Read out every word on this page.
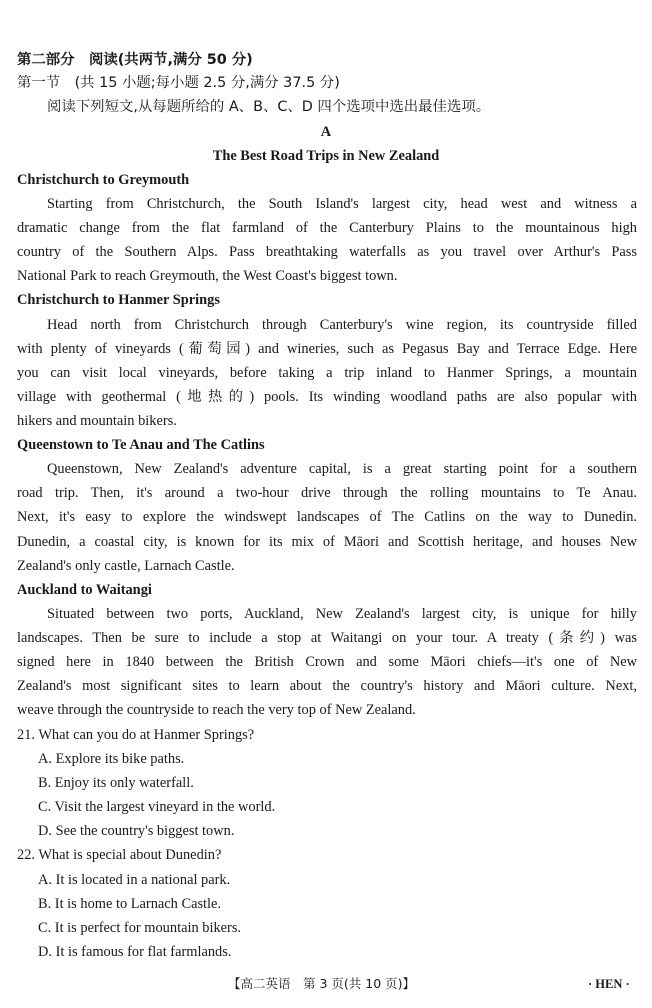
第二部分　阅读(共两节,满分 50 分)
第一节　(共 15 小题;每小题 2.5 分,满分 37.5 分)
阅读下列短文,从每题所给的 A、B、C、D 四个选项中选出最佳选项。
A
The Best Road Trips in New Zealand
Christchurch to Greymouth
Starting from Christchurch, the South Island's largest city, head west and witness a
dramatic change from the flat farmland of the Canterbury Plains to the mountainous high
country of the Southern Alps. Pass breathtaking waterfalls as you travel over Arthur's Pass
National Park to reach Greymouth, the West Coast's biggest town.
Christchurch to Hanmer Springs
Head north from Christchurch through Canterbury's wine region, its countryside filled
with plenty of vineyards (葡萄园) and wineries, such as Pegasus Bay and Terrace Edge. Here
you can visit local vineyards, before taking a trip inland to Hanmer Springs, a mountain
village with geothermal (地热的) pools. Its winding woodland paths are also popular with
hikers and mountain bikers.
Queenstown to Te Anau and The Catlins
Queenstown, New Zealand's adventure capital, is a great starting point for a southern
road trip. Then, it's around a two-hour drive through the rolling mountains to Te Anau.
Next, it's easy to explore the windswept landscapes of The Catlins on the way to Dunedin.
Dunedin, a coastal city, is known for its mix of Māori and Scottish heritage, and houses New
Zealand's only castle, Larnach Castle.
Auckland to Waitangi
Situated between two ports, Auckland, New Zealand's largest city, is unique for hilly
landscapes. Then be sure to include a stop at Waitangi on your tour. A treaty (条约) was
signed here in 1840 between the British Crown and some Māori chiefs—it's one of New
Zealand's most significant sites to learn about the country's history and Māori culture. Next,
weave through the countryside to reach the very top of New Zealand.
21. What can you do at Hanmer Springs?
A. Explore its bike paths.
B. Enjoy its only waterfall.
C. Visit the largest vineyard in the world.
D. See the country's biggest town.
22. What is special about Dunedin?
A. It is located in a national park.
B. It is home to Larnach Castle.
C. It is perfect for mountain bikers.
D. It is famous for flat farmlands.
【高二英语　第 3 页(共 10 页)】	· HEN ·
